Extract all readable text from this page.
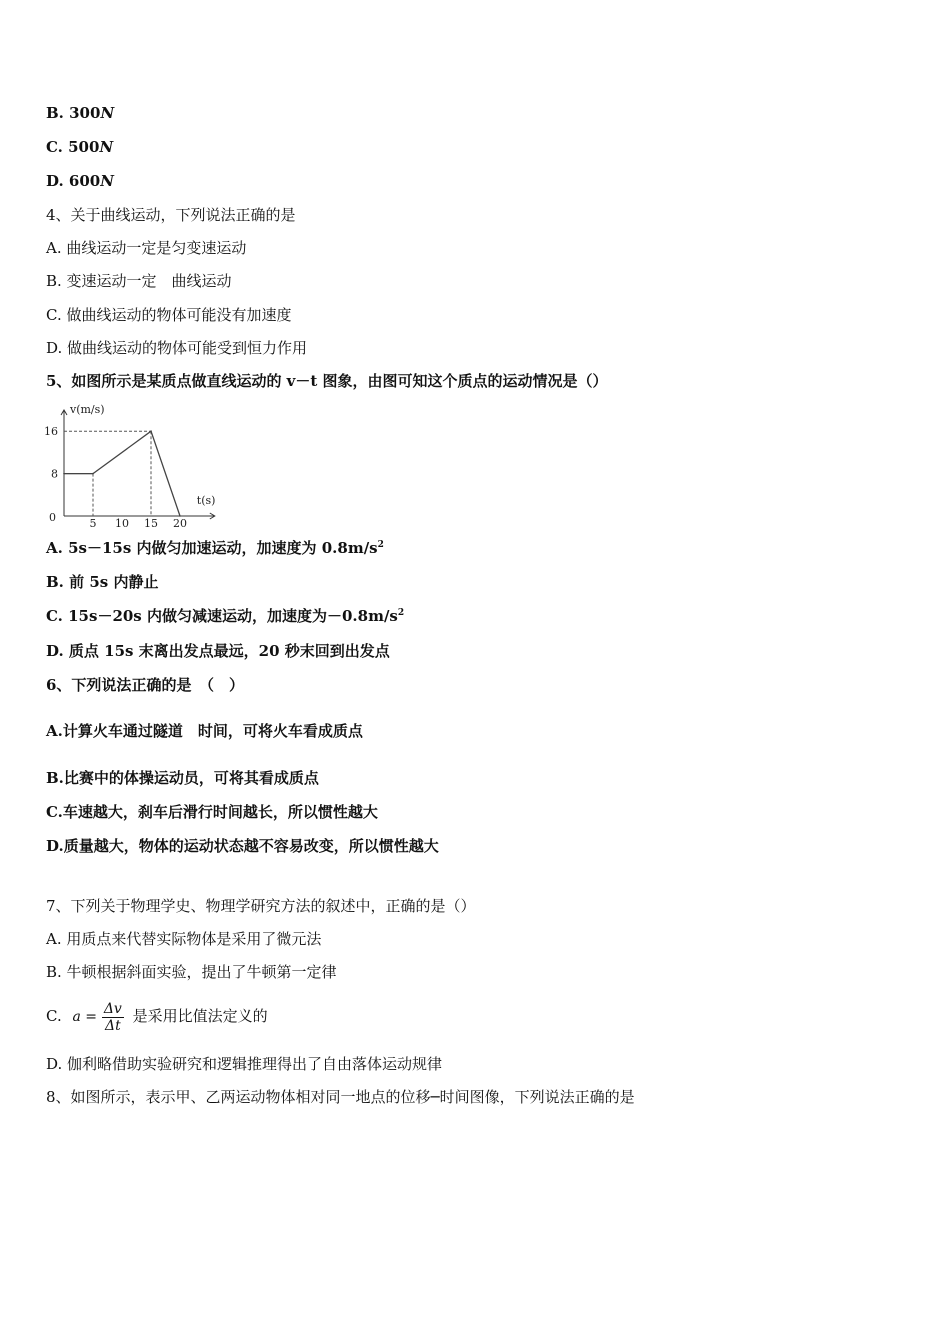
B. 300N
C. 500N
D. 600N
4、关于曲线运动，下列说法正确的是
A. 曲线运动一定是匀变速运动
B. 变速运动一定　曲线运动
C. 做曲线运动的物体可能没有加速度
D. 做曲线运动的物体可能受到恒力作用
5、如图所示是某质点做直线运动的 v－t 图象，由图可知这个质点的运动情况是（）
v(m/s)
t(s)
0
16
8
5 10 15 20
A. 5s－15s 内做匀加速运动，加速度为 $0.8m/s^2$
B. 前 5s 内静止
C. 15s－20s 内做匀减速运动，加速度为$-0.8m/s^2$
D. 质点 15s 末离出发点最远，20 秒末回到出发点
6、下列说法正确的是　（　）
A.计算火车通过隧道　时间，可将火车看成质点
B.比赛中的体操运动员，可将其看成质点
C.车速越大，刹车后滑行时间越长，所以惯性越大
D.质量越大，物体的运动状态越不容易改变，所以惯性越大
7、下列关于物理学史、物理学研究方法的叙述中，正确的是（）
A. 用质点来代替实际物体是采用了微元法
B. 牛顿根据斜面实验，提出了牛顿第一定律
C. $a = \frac{\Delta v}{\Delta t}$ 是采用比值法定义的
D. 伽利略借助实验研究和逻辑推理得出了自由落体运动规律
8、如图所示，表示甲、乙两运动物体相对同一地点的位移─时间图像，下列说法正确的是
